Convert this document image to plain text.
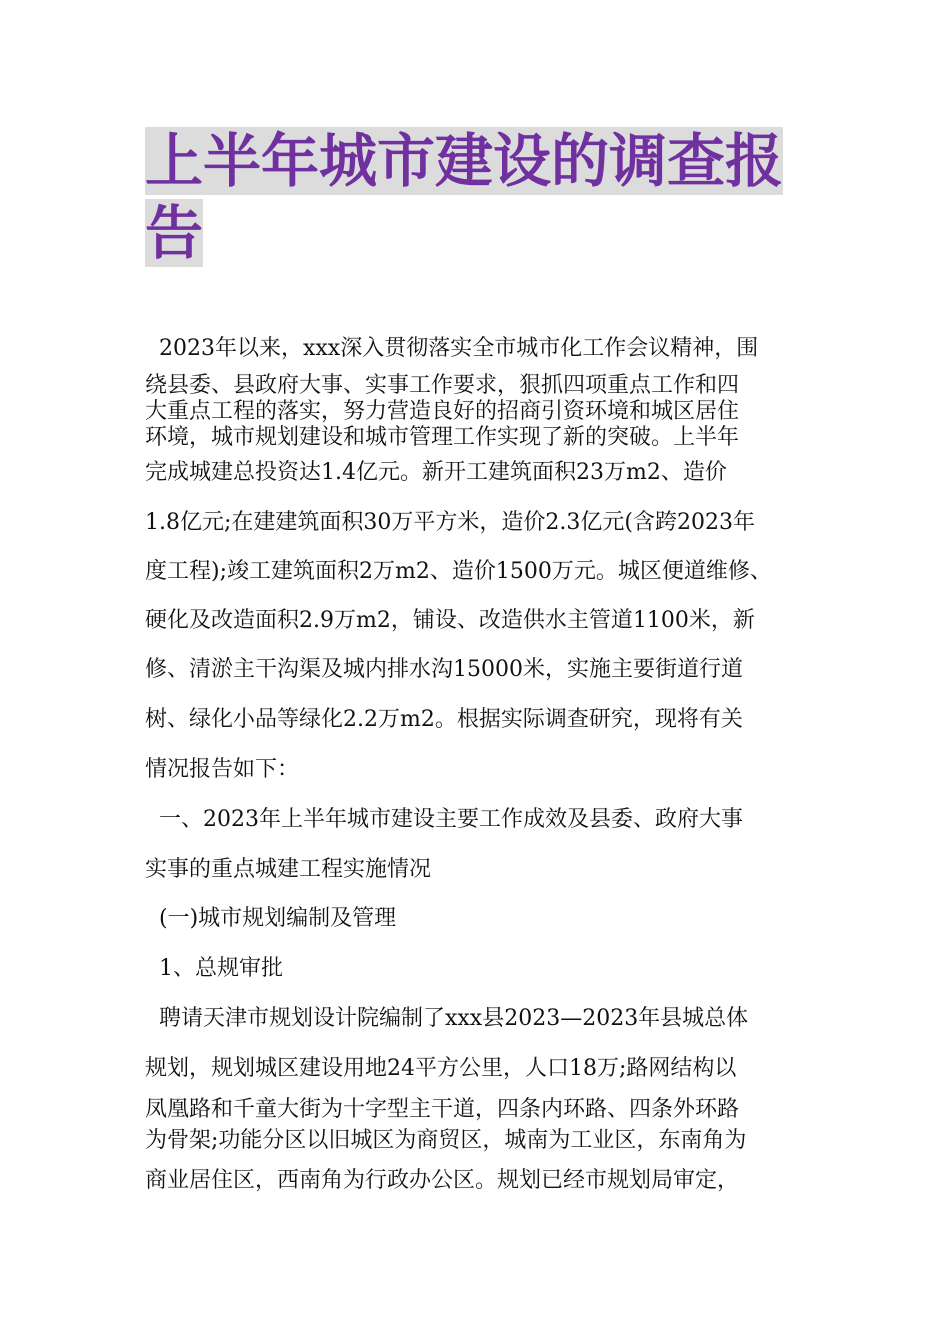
上半年城市建设的调查报
告
2023年以来，xxx深入贯彻落实全市城市化工作会议精神，围
绕县委、县政府大事、实事工作要求，狠抓四项重点工作和四
大重点工程的落实，努力营造良好的招商引资环境和城区居住
环境，城市规划建设和城市管理工作实现了新的突破。上半年
完成城建总投资达1.4亿元。新开工建筑面积23万m2、造价
1.8亿元;在建建筑面积30万平方米，造价2.3亿元(含跨2023年
度工程);竣工建筑面积2万m2、造价1500万元。城区便道维修、
硬化及改造面积2.9万m2，铺设、改造供水主管道1100米，新
修、清淤主干沟渠及城内排水沟15000米，实施主要街道行道
树、绿化小品等绿化2.2万m2。根据实际调查研究，现将有关
情况报告如下：
一、2023年上半年城市建设主要工作成效及县委、政府大事
实事的重点城建工程实施情况
(一)城市规划编制及管理
1、总规审批
聘请天津市规划设计院编制了xxx县2023—2023年县城总体
规划，规划城区建设用地24平方公里，人口18万;路网结构以
凤凰路和千童大街为十字型主干道，四条内环路、四条外环路
为骨架;功能分区以旧城区为商贸区，城南为工业区，东南角为
商业居住区，西南角为行政办公区。规划已经市规划局审定，
